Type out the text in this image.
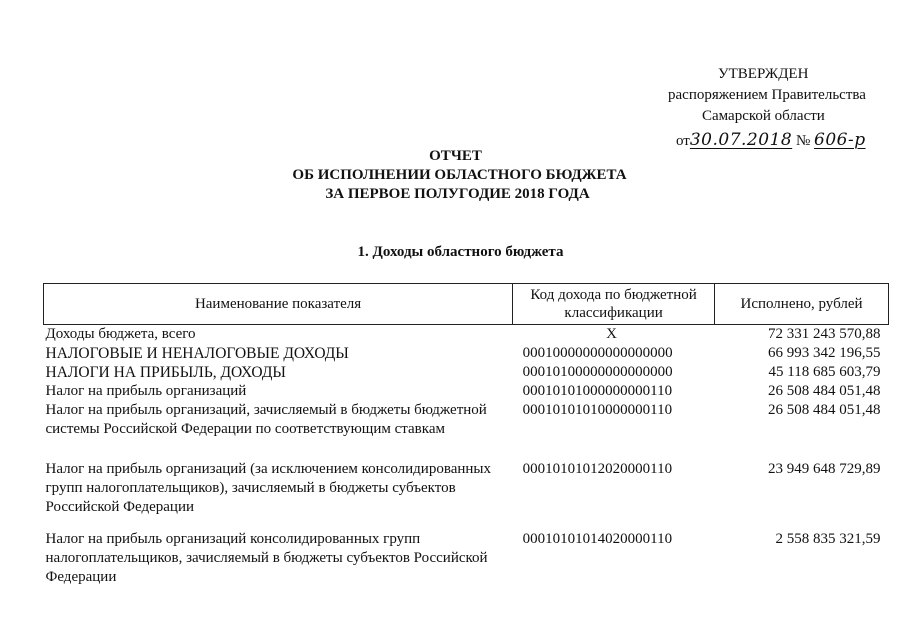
УТВЕРЖДЕН
распоряжением Правительства
Самарской области
от30.07.2018 № 606-р
ОТЧЕТ
ОБ ИСПОЛНЕНИИ ОБЛАСТНОГО БЮДЖЕТА
ЗА ПЕРВОЕ ПОЛУГОДИЕ 2018 ГОДА
1. Доходы областного бюджета
Наименование показателя	Код дохода по бюджетной классификации	Исполнено, рублей
Доходы бюджета, всего	X	72 331 243 570,88
НАЛОГОВЫЕ И НЕНАЛОГОВЫЕ ДОХОДЫ	00010000000000000000	66 993 342 196,55
НАЛОГИ НА ПРИБЫЛЬ, ДОХОДЫ	00010100000000000000	45 118 685 603,79
Налог на прибыль организаций	00010101000000000110	26 508 484 051,48
Налог на прибыль организаций, зачисляемый в бюджеты бюджетной системы Российской Федерации по соответствующим ставкам	00010101010000000110	26 508 484 051,48
Налог на прибыль организаций (за исключением консолидированных групп налогоплательщиков), зачисляемый в бюджеты субъектов Российской Федерации	00010101012020000110	23 949 648 729,89
Налог на прибыль организаций консолидированных групп налогоплательщиков, зачисляемый в бюджеты субъектов Российской Федерации	00010101014020000110	2 558 835 321,59
